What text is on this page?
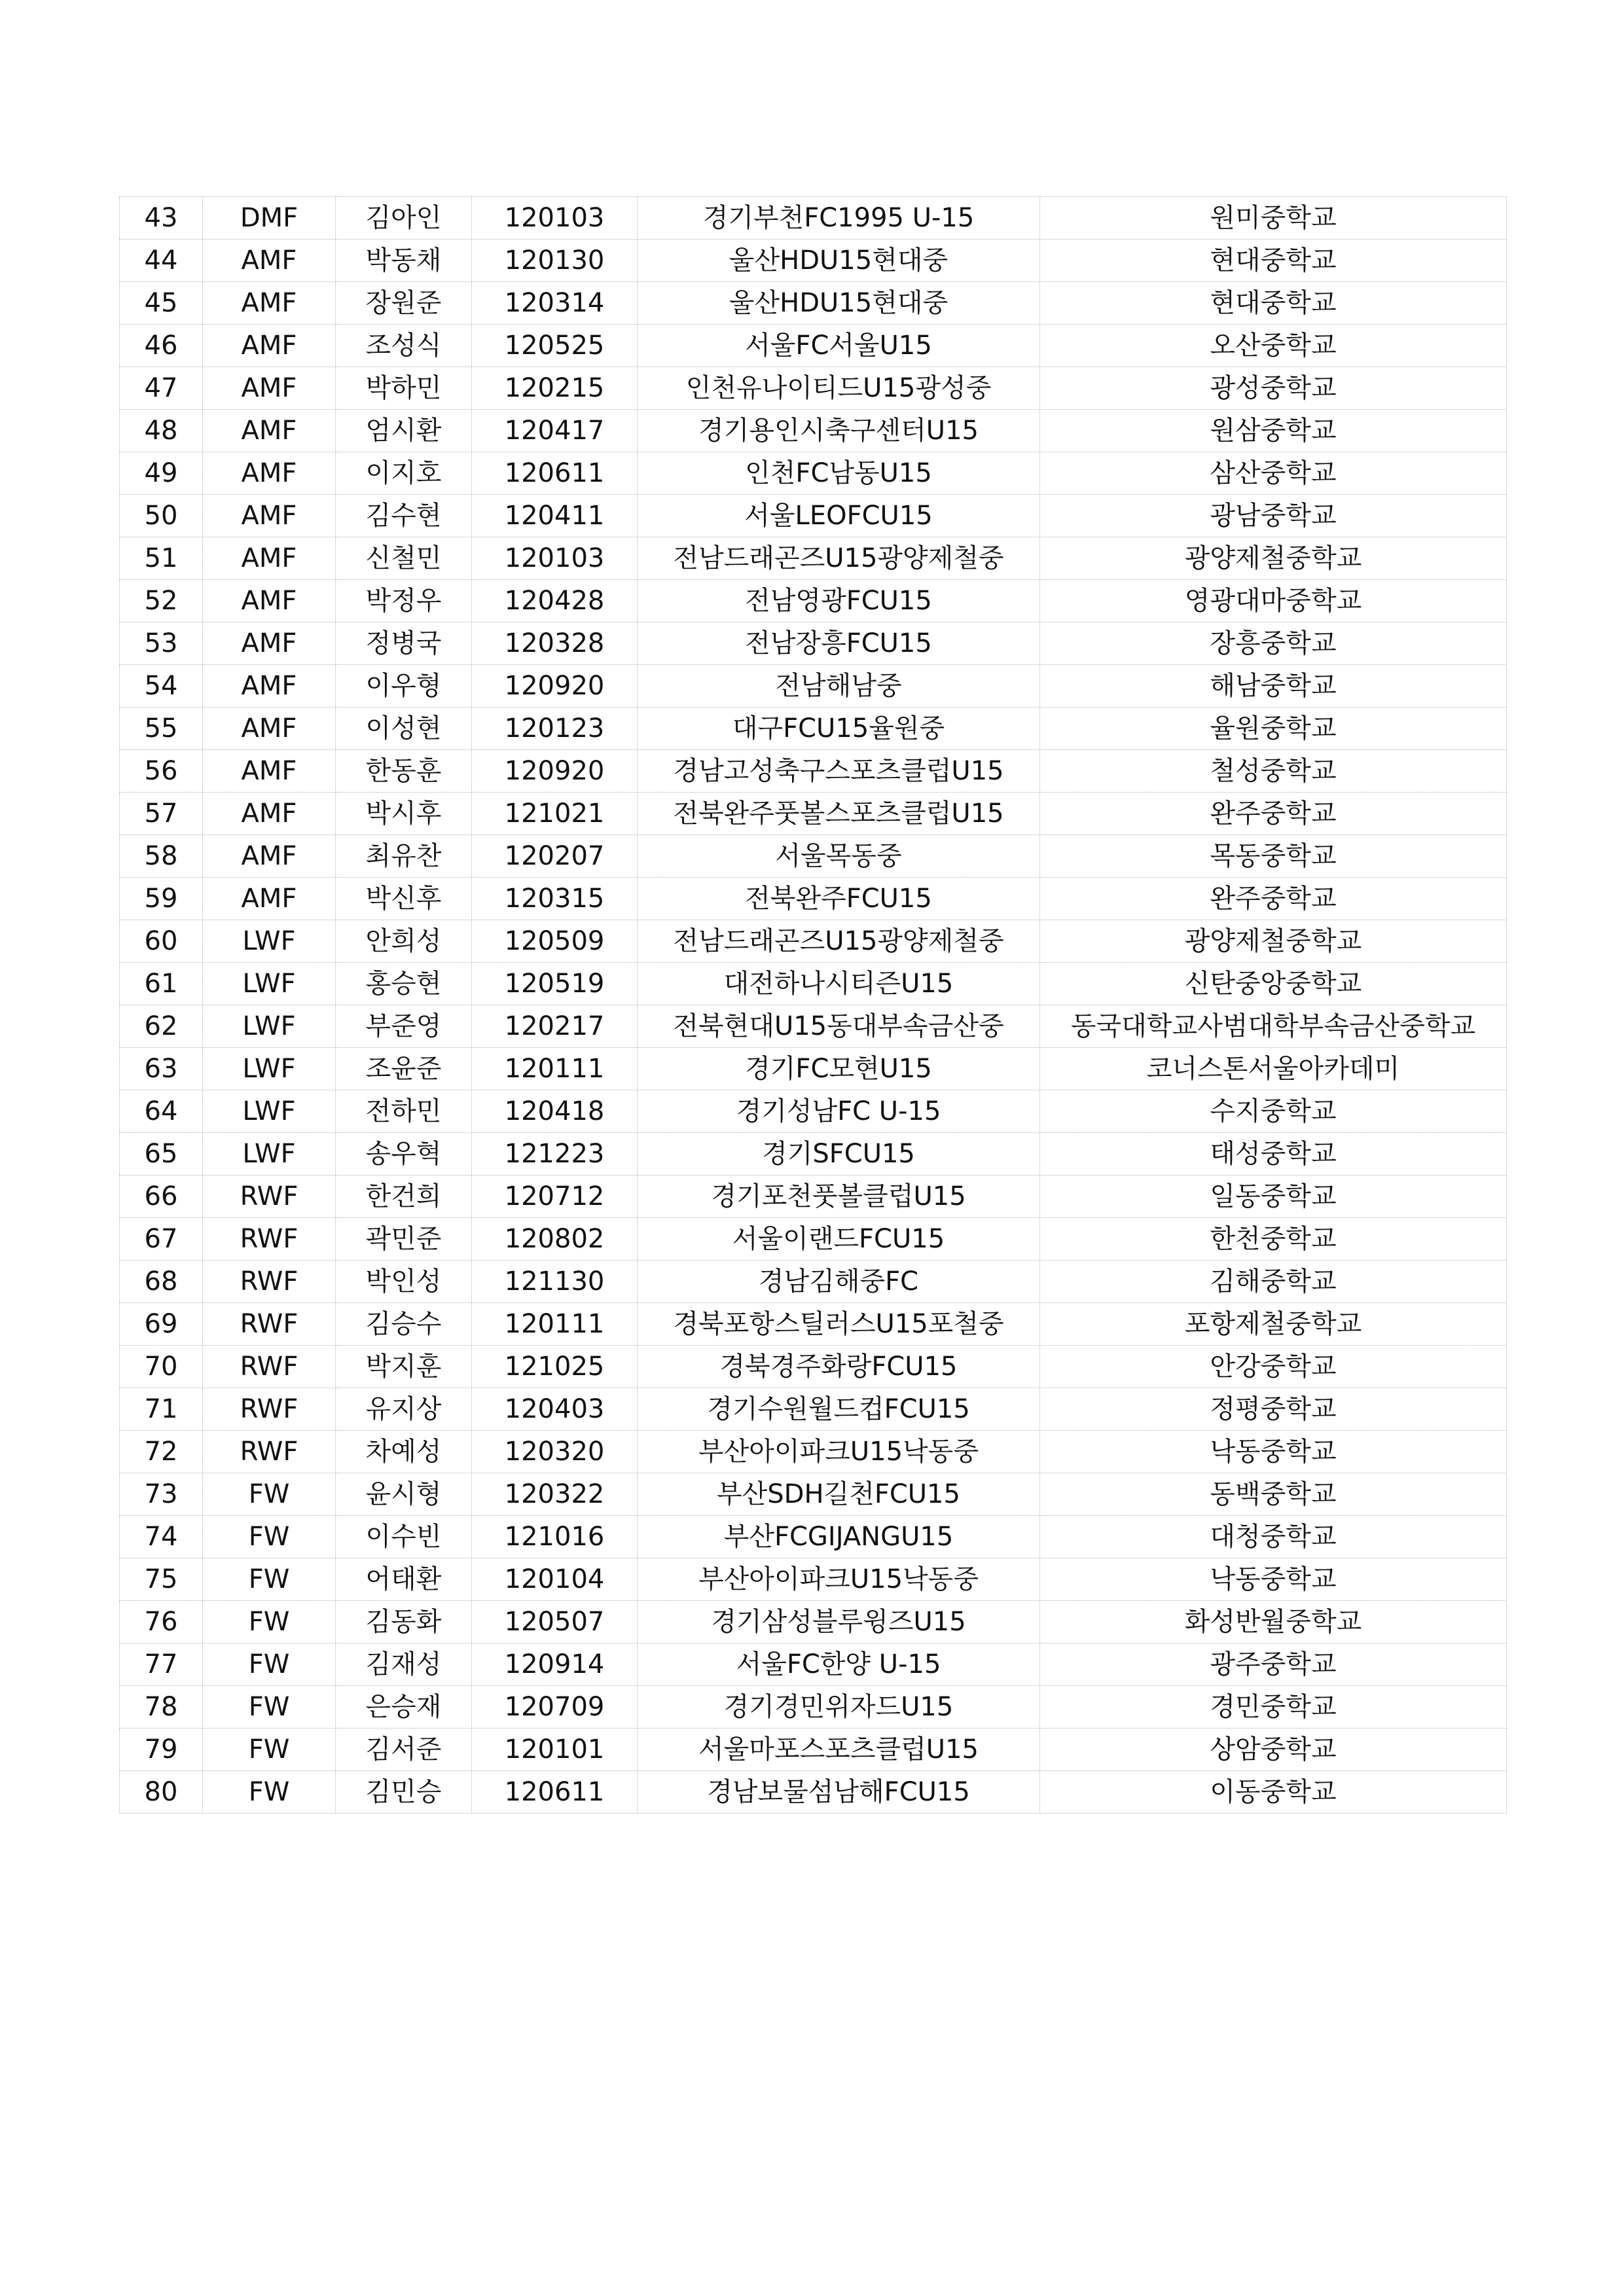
43	DMF	김아인	120103	경기부천FC1995 U-15	원미중학교
44	AMF	박동채	120130	울산HDU15현대중	현대중학교
45	AMF	장원준	120314	울산HDU15현대중	현대중학교
46	AMF	조성식	120525	서울FC서울U15	오산중학교
47	AMF	박하민	120215	인천유나이티드U15광성중	광성중학교
48	AMF	엄시환	120417	경기용인시축구센터U15	원삼중학교
49	AMF	이지호	120611	인천FC남동U15	삼산중학교
50	AMF	김수현	120411	서울LEOFCU15	광남중학교
51	AMF	신철민	120103	전남드래곤즈U15광양제철중	광양제철중학교
52	AMF	박정우	120428	전남영광FCU15	영광대마중학교
53	AMF	정병국	120328	전남장흥FCU15	장흥중학교
54	AMF	이우형	120920	전남해남중	해남중학교
55	AMF	이성현	120123	대구FCU15율원중	율원중학교
56	AMF	한동훈	120920	경남고성축구스포츠클럽U15	철성중학교
57	AMF	박시후	121021	전북완주풋볼스포츠클럽U15	완주중학교
58	AMF	최유찬	120207	서울목동중	목동중학교
59	AMF	박신후	120315	전북완주FCU15	완주중학교
60	LWF	안희성	120509	전남드래곤즈U15광양제철중	광양제철중학교
61	LWF	홍승현	120519	대전하나시티즌U15	신탄중앙중학교
62	LWF	부준영	120217	전북현대U15동대부속금산중	동국대학교사범대학부속금산중학교
63	LWF	조윤준	120111	경기FC모현U15	코너스톤서울아카데미
64	LWF	전하민	120418	경기성남FC U-15	수지중학교
65	LWF	송우혁	121223	경기SFCU15	태성중학교
66	RWF	한건희	120712	경기포천풋볼클럽U15	일동중학교
67	RWF	곽민준	120802	서울이랜드FCU15	한천중학교
68	RWF	박인성	121130	경남김해중FC	김해중학교
69	RWF	김승수	120111	경북포항스틸러스U15포철중	포항제철중학교
70	RWF	박지훈	121025	경북경주화랑FCU15	안강중학교
71	RWF	유지상	120403	경기수원월드컵FCU15	정평중학교
72	RWF	차예성	120320	부산아이파크U15낙동중	낙동중학교
73	FW	윤시형	120322	부산SDH길천FCU15	동백중학교
74	FW	이수빈	121016	부산FCGIJANGU15	대청중학교
75	FW	어태환	120104	부산아이파크U15낙동중	낙동중학교
76	FW	김동화	120507	경기삼성블루윙즈U15	화성반월중학교
77	FW	김재성	120914	서울FC한양 U-15	광주중학교
78	FW	은승재	120709	경기경민위자드U15	경민중학교
79	FW	김서준	120101	서울마포스포츠클럽U15	상암중학교
80	FW	김민승	120611	경남보물섬남해FCU15	이동중학교
